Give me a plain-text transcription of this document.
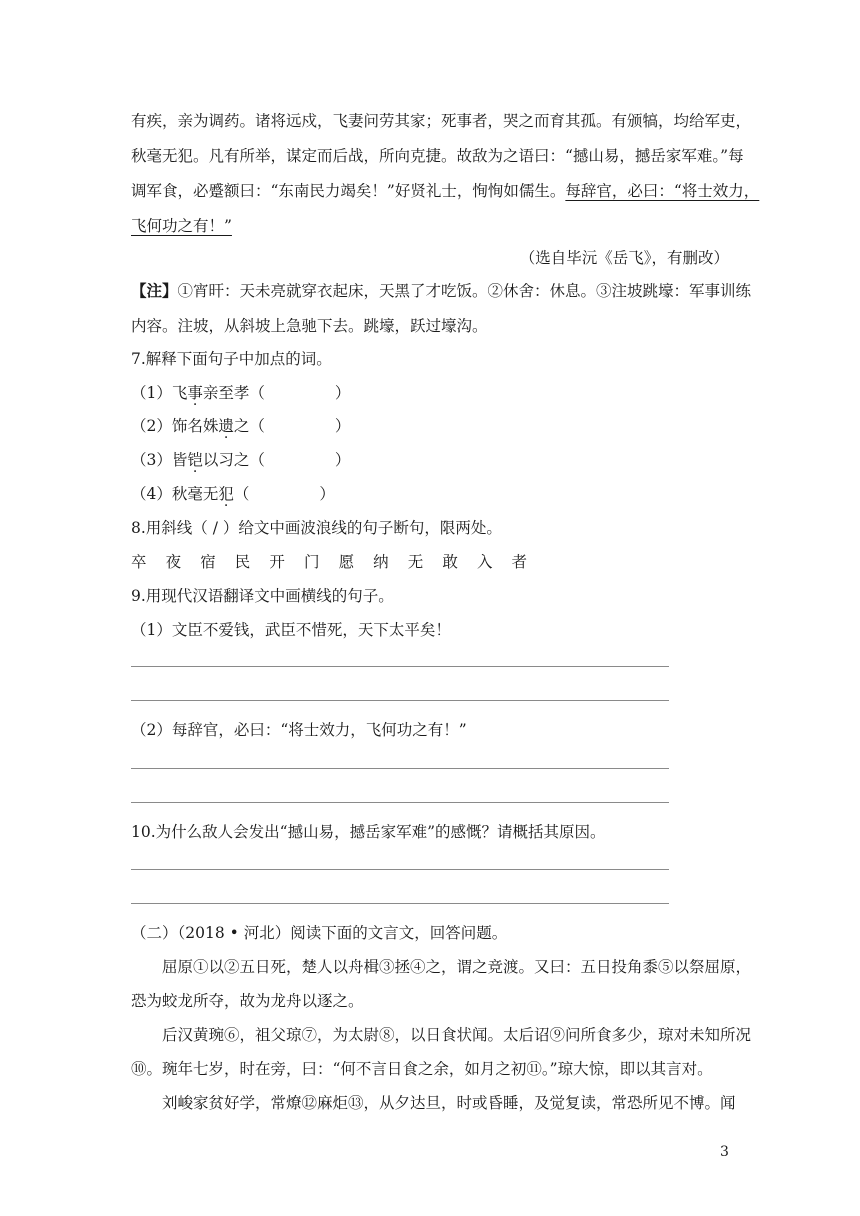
有疾，亲为调药。诸将远戍，飞妻问劳其家；死事者，哭之而育其孤。有颁犒，均给军吏，
秋毫无犯。凡有所举，谋定而后战，所向克捷。故敌为之语曰：“撼山易，撼岳家军难。”每
调军食，必蹙额曰：“东南民力竭矣！”好贤礼士，恂恂如儒生。每辞官，必曰：“将士效力，
飞何功之有！”
（选自毕沅《岳飞》，有删改）
【注】①宵旰：天未亮就穿衣起床，天黑了才吃饭。②休舍：休息。③注坡跳壕：军事训练
内容。注坡，从斜坡上急驰下去。跳壕，跃过壕沟。
7.解释下面句子中加点的词。
（1）飞事亲至孝（	）
（2）饰名姝遗之（	）
（3）皆铠以习之（	）
（4）秋毫无犯（	）
8.用斜线（ / ）给文中画波浪线的句子断句，限两处。
卒 夜 宿 民 开 门 愿 纳 无 敢 入 者
9.用现代汉语翻译文中画横线的句子。
（1）文臣不爱钱，武臣不惜死，天下太平矣！
（2）每辞官，必曰：“将士效力，飞何功之有！”
10.为什么敌人会发出“撼山易，撼岳家军难”的感慨？请概括其原因。
（二）（2018 • 河北）阅读下面的文言文，回答问题。
屈原①以②五日死，楚人以舟楫③拯④之，谓之竞渡。又曰：五日投角黍⑤以祭屈原，
恐为蛟龙所夺，故为龙舟以逐之。
后汉黄琬⑥，祖父琼⑦，为太尉⑧，以日食状闻。太后诏⑨问所食多少，琼对未知所况
⑩。琬年七岁，时在旁，曰：“何不言日食之余，如月之初⑪。”琼大惊，即以其言对。
刘峻家贫好学，常燎⑫麻炬⑬，从夕达旦，时或昏睡，及觉复读，常恐所见不博。闻
3
